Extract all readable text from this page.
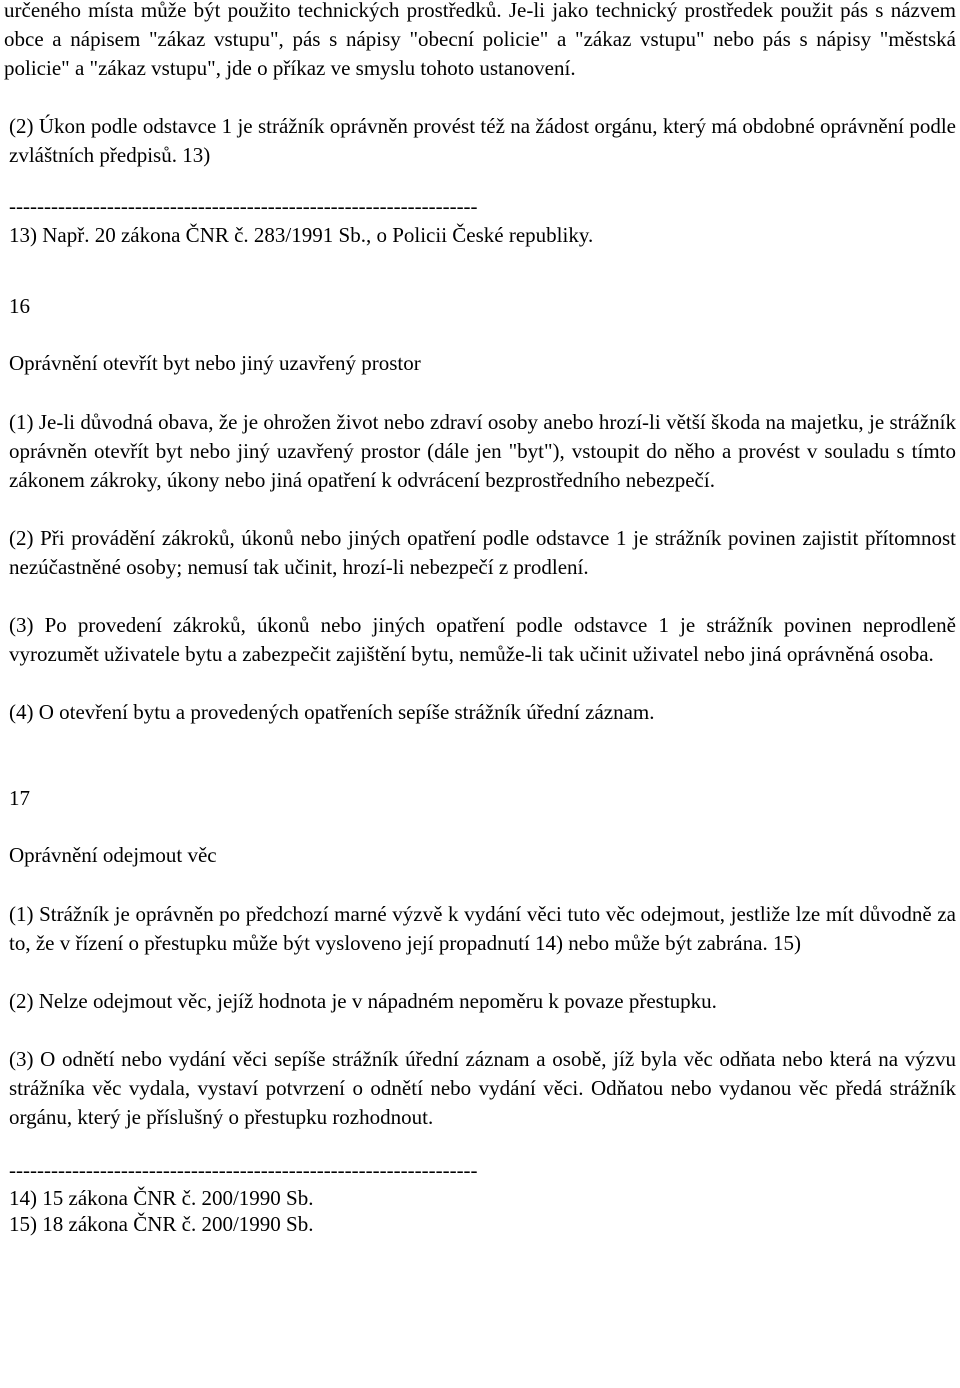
určeného místa může být použito technických prostředků. Je-li jako technický prostředek použit pás s názvem obce a nápisem "zákaz vstupu", pás s nápisy "obecní policie" a "zákaz vstupu" nebo pás s nápisy "městská policie" a "zákaz vstupu", jde o příkaz ve smyslu tohoto ustanovení.

(2) Úkon podle odstavce 1 je strážník oprávněn provést též na žádost orgánu, který má obdobné oprávnění podle zvláštních předpisů. 13)

-------------------------------------------------------------------

13) Např. 20 zákona ČNR č. 283/1991 Sb., o Policii České republiky.

16

Oprávnění otevřít byt nebo jiný uzavřený prostor

(1) Je-li důvodná obava, že je ohrožen život nebo zdraví osoby anebo hrozí-li větší škoda na majetku, je strážník oprávněn otevřít byt nebo jiný uzavřený prostor (dále jen "byt"), vstoupit do něho a provést v souladu s tímto zákonem zákroky, úkony nebo jiná opatření k odvrácení bezprostředního nebezpečí.

(2) Při provádění zákroků, úkonů nebo jiných opatření podle odstavce 1 je strážník povinen zajistit přítomnost nezúčastněné osoby; nemusí tak učinit, hrozí-li nebezpečí z prodlení.

(3) Po provedení zákroků, úkonů nebo jiných opatření podle odstavce 1 je strážník povinen neprodleně vyrozumět uživatele bytu a zabezpečit zajištění bytu, nemůže-li tak učinit uživatel nebo jiná oprávněná osoba.

(4) O otevření bytu a provedených opatřeních sepíše strážník úřední záznam.

17

Oprávnění odejmout věc

(1) Strážník je oprávněn po předchozí marné výzvě k vydání věci tuto věc odejmout, jestliže lze mít důvodně za to, že v řízení o přestupku může být vysloveno její propadnutí 14) nebo může být zabrána. 15)

(2) Nelze odejmout věc, jejíž hodnota je v nápadném nepoměru k povaze přestupku.

(3) O odnětí nebo vydání věci sepíše strážník úřední záznam a osobě, jíž byla věc odňata nebo která na výzvu strážníka věc vydala, vystaví potvrzení o odnětí nebo vydání věci. Odňatou nebo vydanou věc předá strážník orgánu, který je příslušný o přestupku rozhodnout.

-------------------------------------------------------------------

14) 15 zákona ČNR č. 200/1990 Sb.

15) 18 zákona ČNR č. 200/1990 Sb.
